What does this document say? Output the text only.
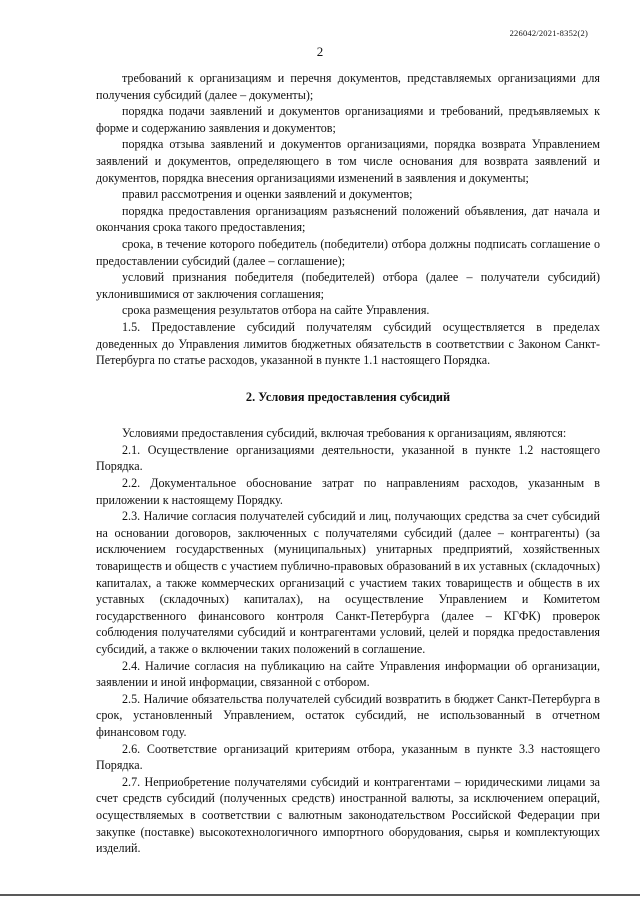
226042/2021-8352(2)
2

требований к организациям и перечня документов, представляемых организациями для получения субсидий (далее – документы);

порядка подачи заявлений и документов организациями и требований, предъявляемых к форме и содержанию заявления и документов;

порядка отзыва заявлений и документов организациями, порядка возврата Управлением заявлений и документов, определяющего в том числе основания для возврата заявлений и документов, порядка внесения организациями изменений в заявления и документы;

правил рассмотрения и оценки заявлений и документов;

порядка предоставления организациям разъяснений положений объявления, дат начала и окончания срока такого предоставления;

срока, в течение которого победитель (победители) отбора должны подписать соглашение о предоставлении субсидий (далее – соглашение);

условий признания победителя (победителей) отбора (далее – получатели субсидий) уклонившимися от заключения соглашения;

срока размещения результатов отбора на сайте Управления.

1.5. Предоставление субсидий получателям субсидий осуществляется в пределах доведенных до Управления лимитов бюджетных обязательств в соответствии с Законом Санкт-Петербурга по статье расходов, указанной в пункте 1.1 настоящего Порядка.

2. Условия предоставления субсидий

Условиями предоставления субсидий, включая требования к организациям, являются:

2.1. Осуществление организациями деятельности, указанной в пункте 1.2 настоящего Порядка.

2.2. Документальное обоснование затрат по направлениям расходов, указанным в приложении к настоящему Порядку.

2.3. Наличие согласия получателей субсидий и лиц, получающих средства за счет субсидий на основании договоров, заключенных с получателями субсидий (далее – контрагенты) (за исключением государственных (муниципальных) унитарных предприятий, хозяйственных товариществ и обществ с участием публично-правовых образований в их уставных (складочных) капиталах, а также коммерческих организаций с участием таких товариществ и обществ в их уставных (складочных) капиталах), на осуществление Управлением и Комитетом государственного финансового контроля Санкт-Петербурга (далее – КГФК) проверок соблюдения получателями субсидий и контрагентами условий, целей и порядка предоставления субсидий, а также о включении таких положений в соглашение.

2.4. Наличие согласия на публикацию на сайте Управления информации об организации, заявлении и иной информации, связанной с отбором.

2.5. Наличие обязательства получателей субсидий возвратить в бюджет Санкт-Петербурга в срок, установленный Управлением, остаток субсидий, не использованный в отчетном финансовом году.

2.6. Соответствие организаций критериям отбора, указанным в пункте 3.3 настоящего Порядка.

2.7. Неприобретение получателями субсидий и контрагентами – юридическими лицами за счет средств субсидий (полученных средств) иностранной валюты, за исключением операций, осуществляемых в соответствии с валютным законодательством Российской Федерации при закупке (поставке) высокотехнологичного импортного оборудования, сырья и комплектующих изделий.
